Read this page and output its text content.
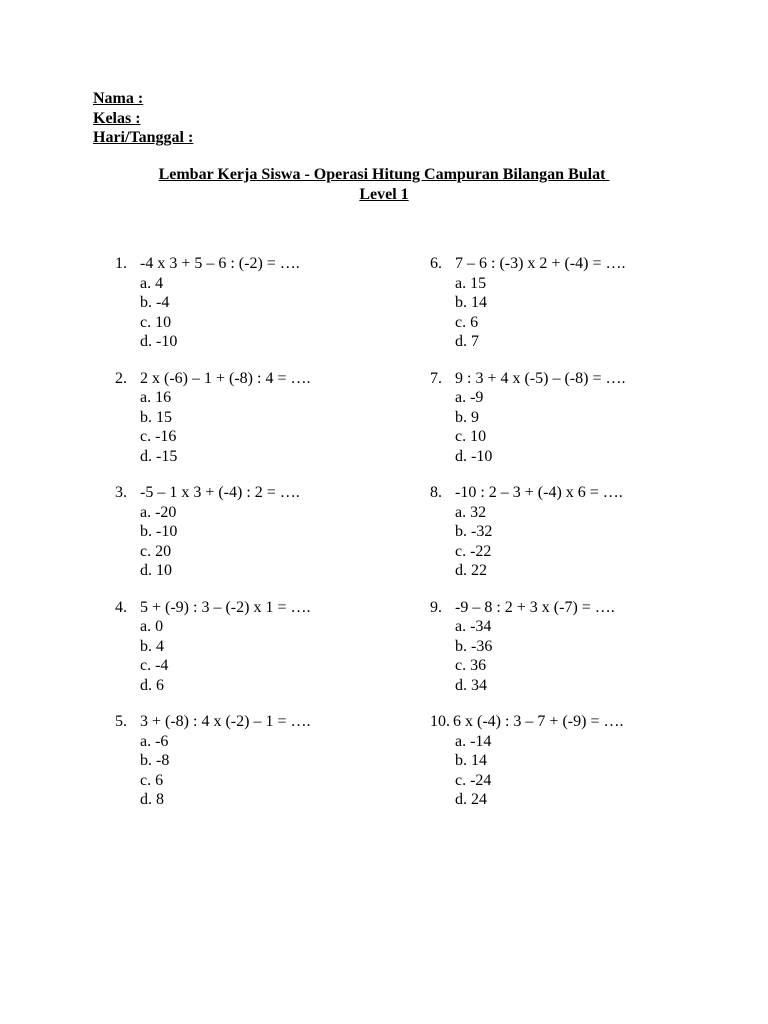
Nama :
Kelas :
Hari/Tanggal :
Lembar Kerja Siswa - Operasi Hitung Campuran Bilangan Bulat
Level 1
1. -4 x 3 + 5 – 6 : (-2) = ….
a. 4
b. -4
c. 10
d. -10
2. 2 x (-6) – 1 + (-8) : 4 = ….
a. 16
b. 15
c. -16
d. -15
3. -5 – 1 x 3 + (-4) : 2 = ….
a. -20
b. -10
c. 20
d. 10
4. 5 + (-9) : 3 – (-2) x 1 = ….
a. 0
b. 4
c. -4
d. 6
5. 3 + (-8) : 4 x (-2) – 1 = ….
a. -6
b. -8
c. 6
d. 8
6. 7 – 6 : (-3) x 2 + (-4) = ….
a. 15
b. 14
c. 6
d. 7
7. 9 : 3 + 4 x (-5) – (-8) = ….
a. -9
b. 9
c. 10
d. -10
8. -10 : 2 – 3 + (-4) x 6 = ….
a. 32
b. -32
c. -22
d. 22
9. -9 – 8 : 2 + 3 x (-7) = ….
a. -34
b. -36
c. 36
d. 34
10. 6 x (-4) : 3 – 7 + (-9) = ….
a. -14
b. 14
c. -24
d. 24
